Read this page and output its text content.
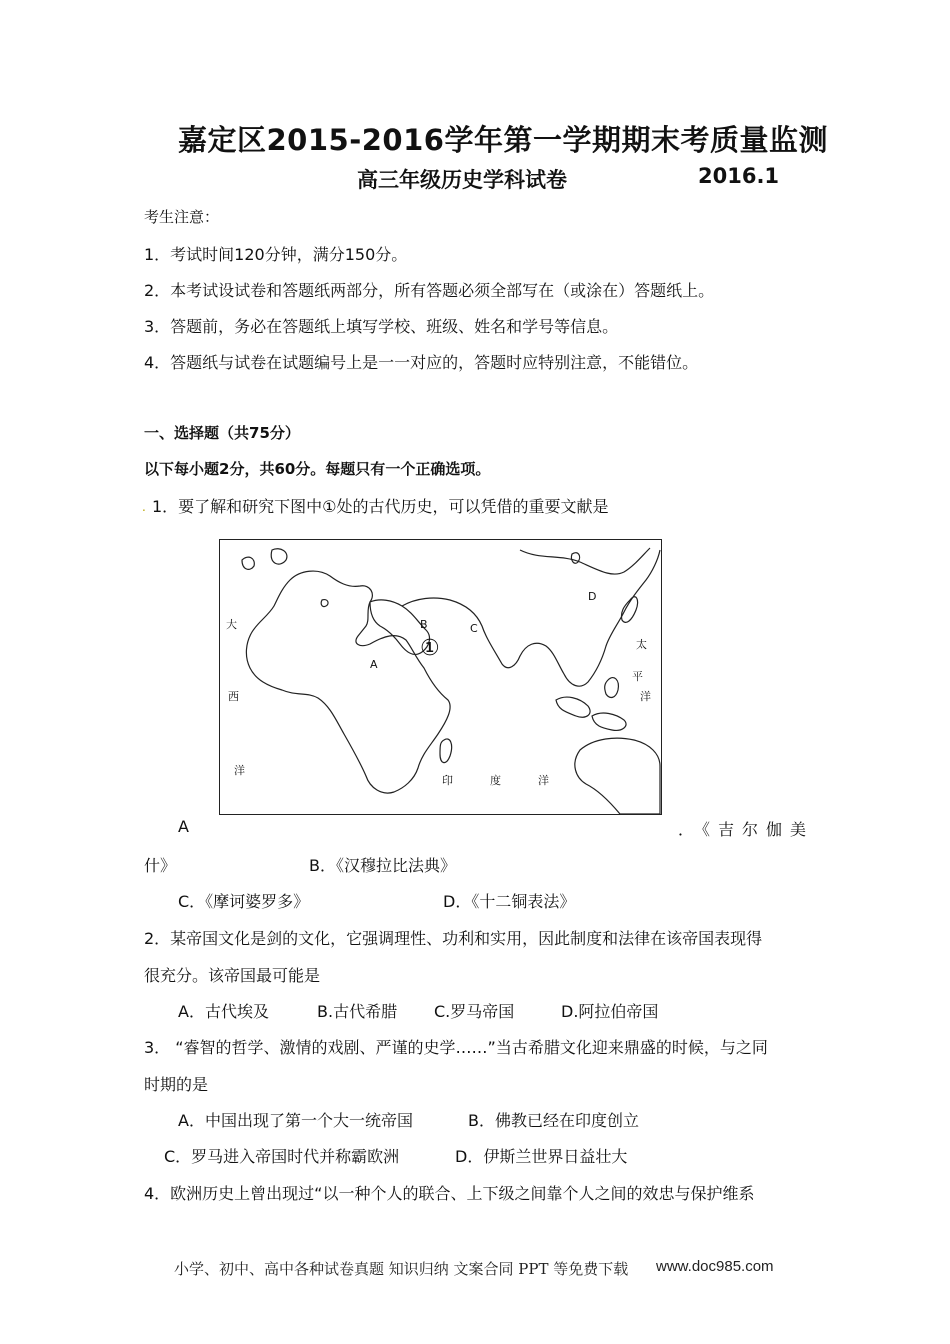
嘉定区2015-2016学年第一学期期末考质量监测
高三年级历史学科试卷	2016.1
考生注意：
1．考试时间120分钟，满分150分。
2．本考试设试卷和答题纸两部分，所有答题必须全部写在（或涂在）答题纸上。
3．答题前，务必在答题纸上填写学校、班级、姓名和学号等信息。
4．答题纸与试卷在试题编号上是一一对应的，答题时应特别注意，不能错位。
一、选择题（共75分）
以下每小题2分，共60分。每题只有一个正确选项。
. 1．要了解和研究下图中①处的古代历史，可以凭借的重要文献是
A
B	C
D
①
大
西
洋
太
平
洋
印	度	洋
A	．《吉尔伽美
什》	B．《汉穆拉比法典》
C．《摩诃婆罗多》	D．《十二铜表法》
2．某帝国文化是剑的文化，它强调理性、功利和实用，因此制度和法律在该帝国表现得
很充分。该帝国最可能是
A．古代埃及	B.古代希腊 C.罗马帝国	D.阿拉伯帝国
3． “睿智的哲学、激情的戏剧、严谨的史学……”当古希腊文化迎来鼎盛的时候，与之同
时期的是
A．中国出现了第一个大一统帝国	B．佛教已经在印度创立
C．罗马进入帝国时代并称霸欧洲	D．伊斯兰世界日益壮大
4．欧洲历史上曾出现过“以一种个人的联合、上下级之间靠个人之间的效忠与保护维系
小学、初中、高中各种试卷真题 知识归纳 文案合同 PPT 等免费下载 www.doc985.com
